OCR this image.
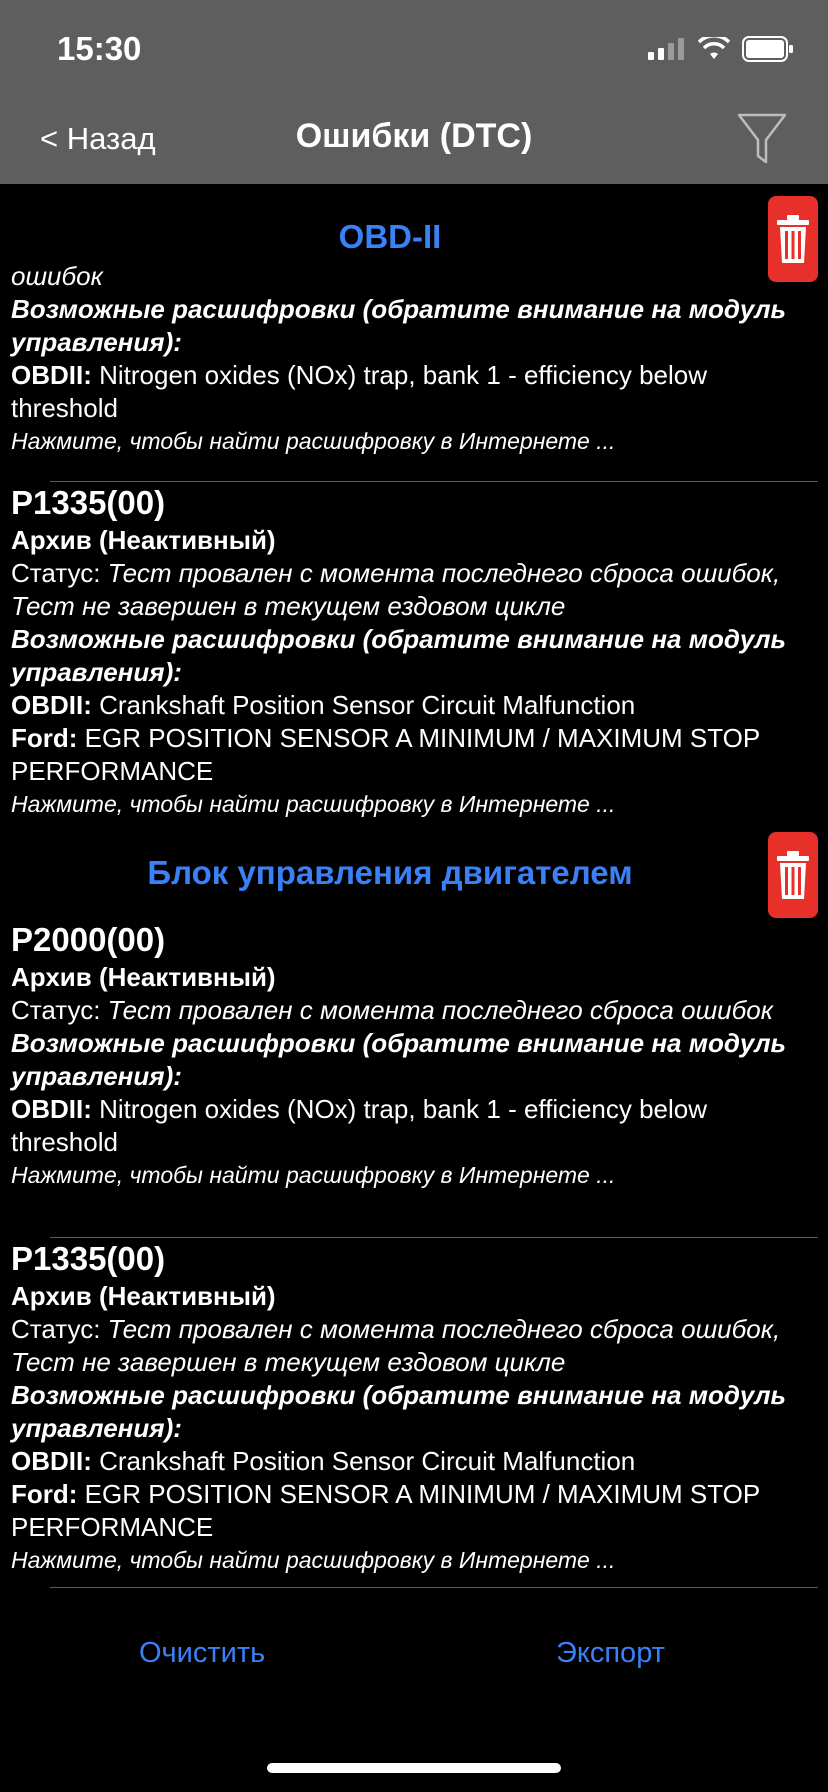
15:30
< Назад	Ошибки (DTC)
OBD-II
ошибок
Возможные расшифровки (обратите внимание на модуль управления):
OBDII: Nitrogen oxides (NOx) trap, bank 1 - efficiency below threshold
Нажмите, чтобы найти расшифровку в Интернете ...
P1335(00)
Архив (Неактивный)
Статус: Тест провален с момента последнего сброса ошибок, Тест не завершен в текущем ездовом цикле
Возможные расшифровки (обратите внимание на модуль управления):
OBDII: Crankshaft Position Sensor Circuit Malfunction
Ford: EGR POSITION SENSOR A MINIMUM / MAXIMUM STOP PERFORMANCE
Нажмите, чтобы найти расшифровку в Интернете ...
Блок управления двигателем
P2000(00)
Архив (Неактивный)
Статус: Тест провален с момента последнего сброса ошибок
Возможные расшифровки (обратите внимание на модуль управления):
OBDII: Nitrogen oxides (NOx) trap, bank 1 - efficiency below threshold
Нажмите, чтобы найти расшифровку в Интернете ...
P1335(00)
Архив (Неактивный)
Статус: Тест провален с момента последнего сброса ошибок, Тест не завершен в текущем ездовом цикле
Возможные расшифровки (обратите внимание на модуль управления):
OBDII: Crankshaft Position Sensor Circuit Malfunction
Ford: EGR POSITION SENSOR A MINIMUM / MAXIMUM STOP PERFORMANCE
Нажмите, чтобы найти расшифровку в Интернете ...
Очистить	Экспорт
